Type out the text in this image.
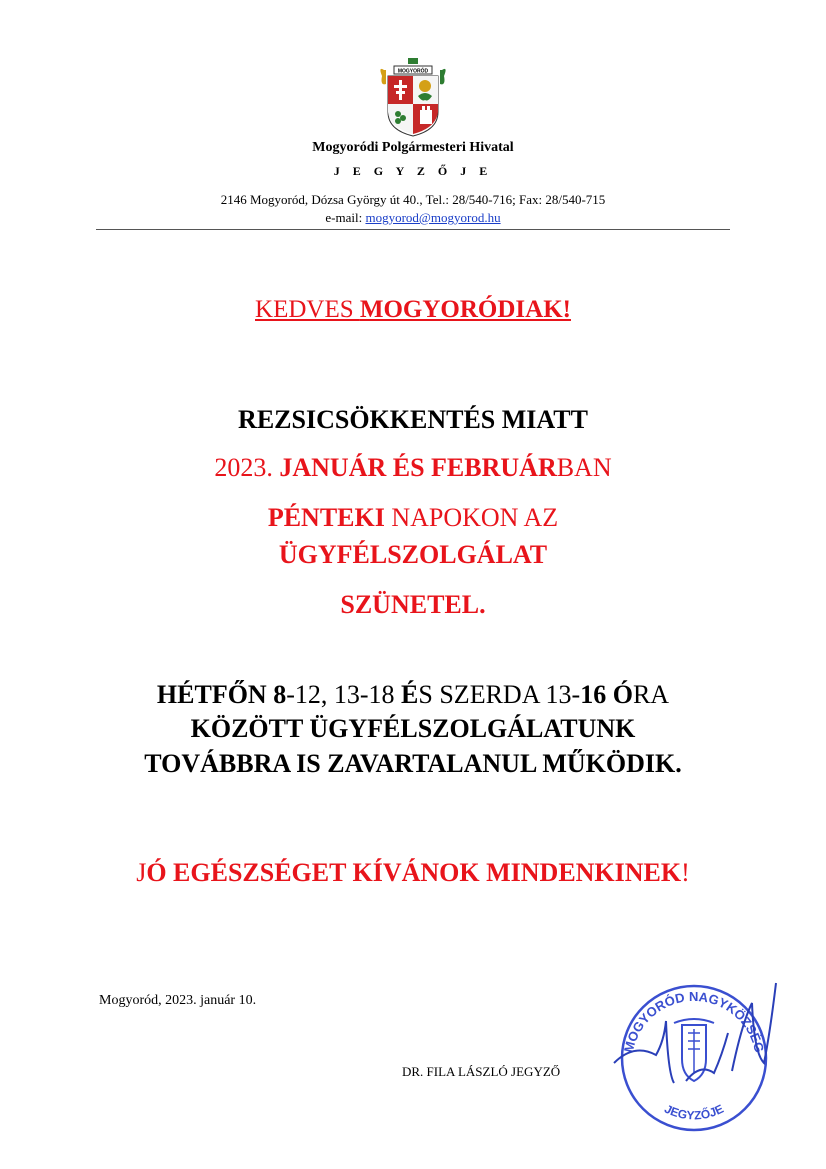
MOGYORÓD
Mogyoródi Polgármesteri Hivatal
J E G Y Z Ő J E
2146 Mogyoród, Dózsa György út 40., Tel.: 28/540-716; Fax: 28/540-715
e-mail: mogyorod@mogyorod.hu
KEDVES MOGYORÓDIAK!
REZSICSÖKKENTÉS MIATT
2023. JANUÁR ÉS FEBRUÁRBAN
PÉNTEKI NAPOKON AZ
ÜGYFÉLSZOLGÁLAT
SZÜNETEL.
HÉTFŐN 8-12, 13-18 ÉS SZERDA 13-16 ÓRA
KÖZÖTT ÜGYFÉLSZOLGÁLATUNK
TOVÁBBRA IS ZAVARTALANUL MŰKÖDIK.
JÓ EGÉSZSÉGET KÍVÁNOK MINDENKINEK!
Mogyoród, 2023. január 10.
DR. FILA LÁSZLÓ JEGYZŐ
MOGYORÓD NAGYKÖZSÉG
JEGYZŐJE
